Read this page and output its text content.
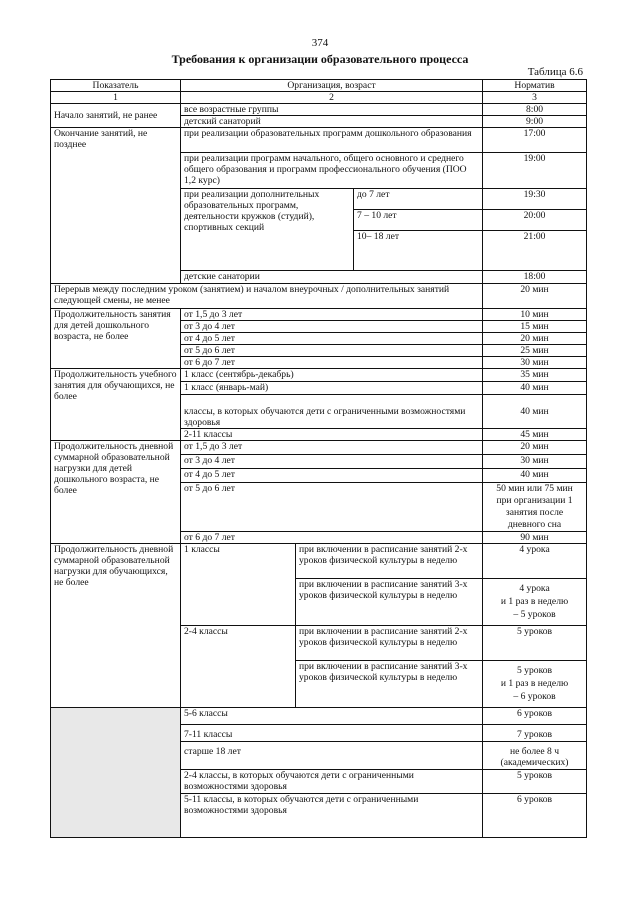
374
Требования к организации образовательного процесса
Таблица 6.6
Показатель	Организация, возраст			Норматив
1	2			3
Начало занятий, не ранее	все возрастные группы			8:00
	детский санаторий			9:00
Окончание занятий, не позднее	при реализации образовательных программ дошкольного образования			17:00
	при реализации программ начального, общего основного и среднего общего образования и программ профессионального обучения (ПОО 1,2 курс)			19:00
	при реализации дополнительных образовательных программ, деятельности кружков (студий), спортивных секций		до 7 лет	19:30
			7 – 10 лет	20:00
			10– 18 лет	21:00

	детские санатории			18:00
Перерыв между последним уроком (занятием) и началом внеурочных / дополнительных занятий следующей смены, не менее				20 мин
Продолжительность занятия для детей дошкольного возраста, не более	от 1,5 до 3 лет			10 мин
	от 3 до 4 лет			15 мин
	от 4 до 5 лет			20 мин
	от 5 до 6 лет			25 мин
	от 6 до 7 лет			30 мин
Продолжительность учебного занятия для обучающихся, не более	1 класс (сентябрь-декабрь)			35 мин
	1 класс (январь-май)			40 мин
	классы, в которых обучаются дети с ограниченными возможностями здоровья			40 мин
	2-11 классы			45 мин
Продолжительность дневной суммарной образовательной нагрузки для детей дошкольного возраста, не более	от 1,5 до 3 лет			20 мин
	от 3 до 4 лет			30 мин
	от 4 до 5 лет			40 мин
	от 5 до 6 лет			50 мин или 75 мин
при организации 1
занятия после
дневного сна

	от 6 до 7 лет			90 мин
Продолжительность дневной суммарной образовательной нагрузки для обучающихся, не более	1 классы	при включении в расписание занятий 2-х уроков физической культуры в неделю		4 урока
		при включении в расписание занятий 3-х уроков физической культуры в неделю		4 урока
и 1 раз в неделю
– 5 уроков

	2-4 классы	при включении в расписание занятий 2-х уроков физической культуры в неделю		5 уроков
		при включении в расписание занятий 3-х уроков физической культуры в неделю		5 уроков
и 1 раз в неделю
– 6 уроков

	5-6 классы			6 уроков
	7-11 классы			7 уроков
	старше 18 лет			не более 8 ч
(академических)

	2-4 классы, в которых обучаются дети с ограниченными возможностями здоровья			5 уроков
	5-11 классы, в которых обучаются дети с ограниченными возможностями здоровья			6 уроков
